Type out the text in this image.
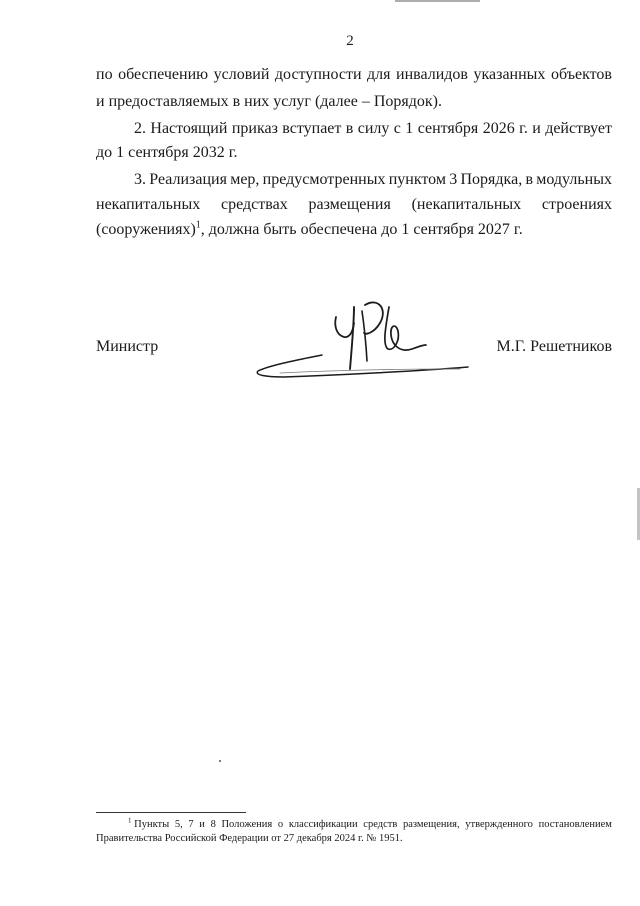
2
по обеспечению условий доступности для инвалидов указанных объектов
и предоставляемых в них услуг (далее – Порядок).
2. Настоящий приказ вступает в силу с 1 сентября 2026 г. и действует
до 1 сентября 2032 г.
3. Реализация мер, предусмотренных пунктом 3 Порядка, в модульных
некапитальных средствах размещения (некапитальных строениях
(сооружениях)$^1$, должна быть обеспечена до 1 сентября 2027 г.
Министр	М.Г. Решетников
$^1$ Пункты 5, 7 и 8 Положения о классификации средств размещения, утвержденного постановлением
Правительства Российской Федерации от 27 декабря 2024 г. № 1951.
